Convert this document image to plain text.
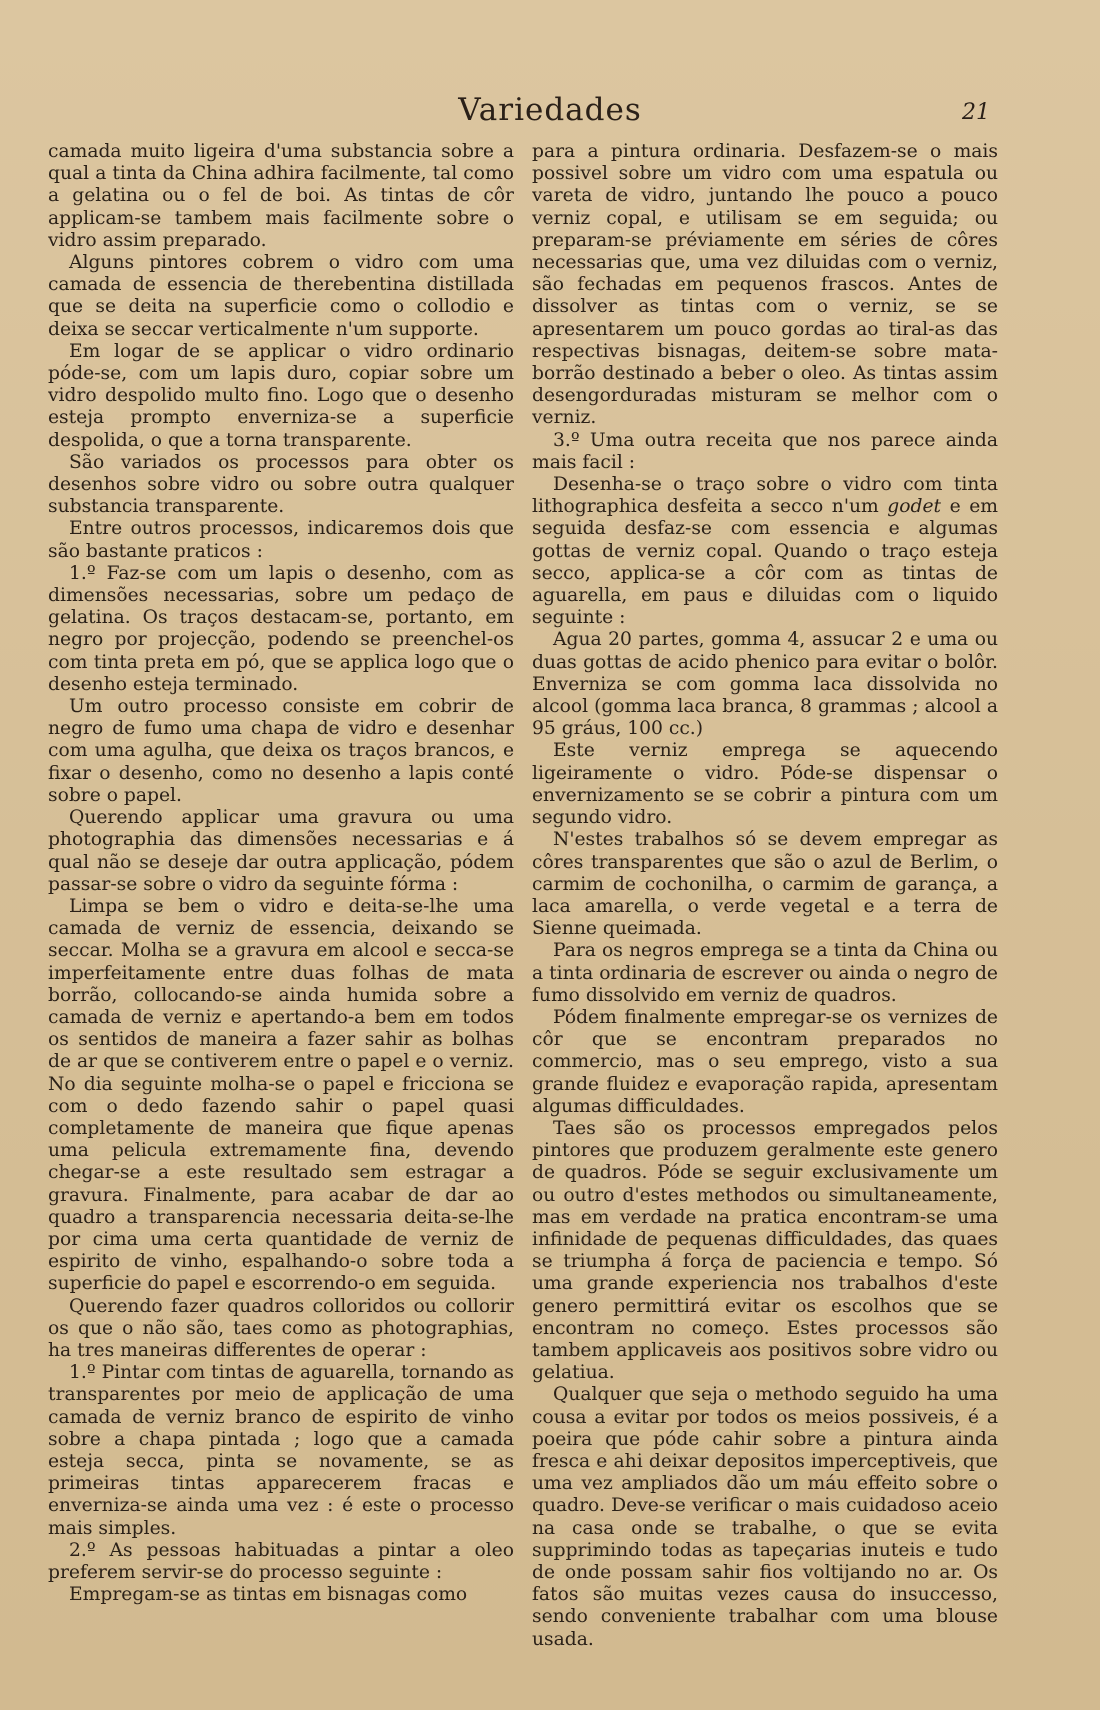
Variedades	21

camada muito ligeira d'uma substancia sobre a qual a tinta da China adhira facilmente, tal como a gelatina ou o fel de boi. As tintas de côr applicam-se tambem mais facilmente sobre o vidro assim preparado.

Alguns pintores cobrem o vidro com uma camada de essencia de therebentina distillada que se deita na superficie como o collodio e deixa se seccar verticalmente n'um supporte.

Em logar de se applicar o vidro ordinario póde-se, com um lapis duro, copiar sobre um vidro despolido multo fino. Logo que o desenho esteja prompto enverniza-se a superficie despolida, o que a torna transparente.

São variados os processos para obter os desenhos sobre vidro ou sobre outra qualquer substancia transparente.

Entre outros processos, indicaremos dois que são bastante praticos :

1.º Faz-se com um lapis o desenho, com as dimensões necessarias, sobre um pedaço de gelatina. Os traços destacam-se, portanto, em negro por projecção, podendo se preenchel-os com tinta preta em pó, que se applica logo que o desenho esteja terminado.

Um outro processo consiste em cobrir de negro de fumo uma chapa de vidro e desenhar com uma agulha, que deixa os traços brancos, e fixar o desenho, como no desenho a lapis conté sobre o papel.

Querendo applicar uma gravura ou uma photographia das dimensões necessarias e á qual não se deseje dar outra applicação, pódem passar-se sobre o vidro da seguinte fórma :

Limpa se bem o vidro e deita-se-lhe uma camada de verniz de essencia, deixando se seccar. Molha se a gravura em alcool e secca-se imperfeitamente entre duas folhas de mata borrão, collocando-se ainda humida sobre a camada de verniz e apertando-a bem em todos os sentidos de maneira a fazer sahir as bolhas de ar que se contiverem entre o papel e o verniz. No dia seguinte molha-se o papel e fricciona se com o dedo fazendo sahir o papel quasi completamente de maneira que fique apenas uma pelicula extremamente fina, devendo chegar-se a este resultado sem estragar a gravura. Finalmente, para acabar de dar ao quadro a transparencia necessaria deita-se-lhe por cima uma certa quantidade de verniz de espirito de vinho, espalhando-o sobre toda a superficie do papel e escorrendo-o em seguida.

Querendo fazer quadros colloridos ou collorir os que o não são, taes como as photographias, ha tres maneiras differentes de operar :

1.º Pintar com tintas de aguarella, tornando as transparentes por meio de applicação de uma camada de verniz branco de espirito de vinho sobre a chapa pintada ; logo que a camada esteja secca, pinta se novamente, se as primeiras tintas apparecerem fracas e enverniza-se ainda uma vez : é este o processo mais simples.

2.º As pessoas habituadas a pintar a oleo preferem servir-se do processo seguinte :

Empregam-se as tintas em bisnagas como

para a pintura ordinaria. Desfazem-se o mais possivel sobre um vidro com uma espatula ou vareta de vidro, juntando lhe pouco a pouco verniz copal, e utilisam se em seguida; ou preparam-se préviamente em séries de côres necessarias que, uma vez diluidas com o verniz, são fechadas em pequenos frascos. Antes de dissolver as tintas com o verniz, se se apresentarem um pouco gordas ao tiral-as das respectivas bisnagas, deitem-se sobre mata-borrão destinado a beber o oleo. As tintas assim desengorduradas misturam se melhor com o verniz.

3.º Uma outra receita que nos parece ainda mais facil :

Desenha-se o traço sobre o vidro com tinta lithographica desfeita a secco n'um godet e em seguida desfaz-se com essencia e algumas gottas de verniz copal. Quando o traço esteja secco, applica-se a côr com as tintas de aguarella, em paus e diluidas com o liquido seguinte :

Agua 20 partes, gomma 4, assucar 2 e uma ou duas gottas de acido phenico para evitar o bolôr. Enverniza se com gomma laca dissolvida no alcool (gomma laca branca, 8 grammas ; alcool a 95 gráus, 100 cc.)

Este verniz emprega se aquecendo ligeiramente o vidro. Póde-se dispensar o envernizamento se se cobrir a pintura com um segundo vidro.

N'estes trabalhos só se devem empregar as côres transparentes que são o azul de Berlim, o carmim de cochonilha, o carmim de garança, a laca amarella, o verde vegetal e a terra de Sienne queimada.

Para os negros emprega se a tinta da China ou a tinta ordinaria de escrever ou ainda o negro de fumo dissolvido em verniz de quadros.

Pódem finalmente empregar-se os vernizes de côr que se encontram preparados no commercio, mas o seu emprego, visto a sua grande fluidez e evaporação rapida, apresentam algumas difficuldades.

Taes são os processos empregados pelos pintores que produzem geralmente este genero de quadros. Póde se seguir exclusivamente um ou outro d'estes methodos ou simultaneamente, mas em verdade na pratica encontram-se uma infinidade de pequenas difficuldades, das quaes se triumpha á força de paciencia e tempo. Só uma grande experiencia nos trabalhos d'este genero permittirá evitar os escolhos que se encontram no começo. Estes processos são tambem applicaveis aos positivos sobre vidro ou gelatiua.

Qualquer que seja o methodo seguido ha uma cousa a evitar por todos os meios possiveis, é a poeira que póde cahir sobre a pintura ainda fresca e ahi deixar depositos imperceptiveis, que uma vez ampliados dão um máu effeito sobre o quadro. Deve-se verificar o mais cuidadoso aceio na casa onde se trabalhe, o que se evita supprimindo todas as tapeçarias inuteis e tudo de onde possam sahir fios voltijando no ar. Os fatos são muitas vezes causa do insuccesso, sendo conveniente trabalhar com uma blouse usada.
